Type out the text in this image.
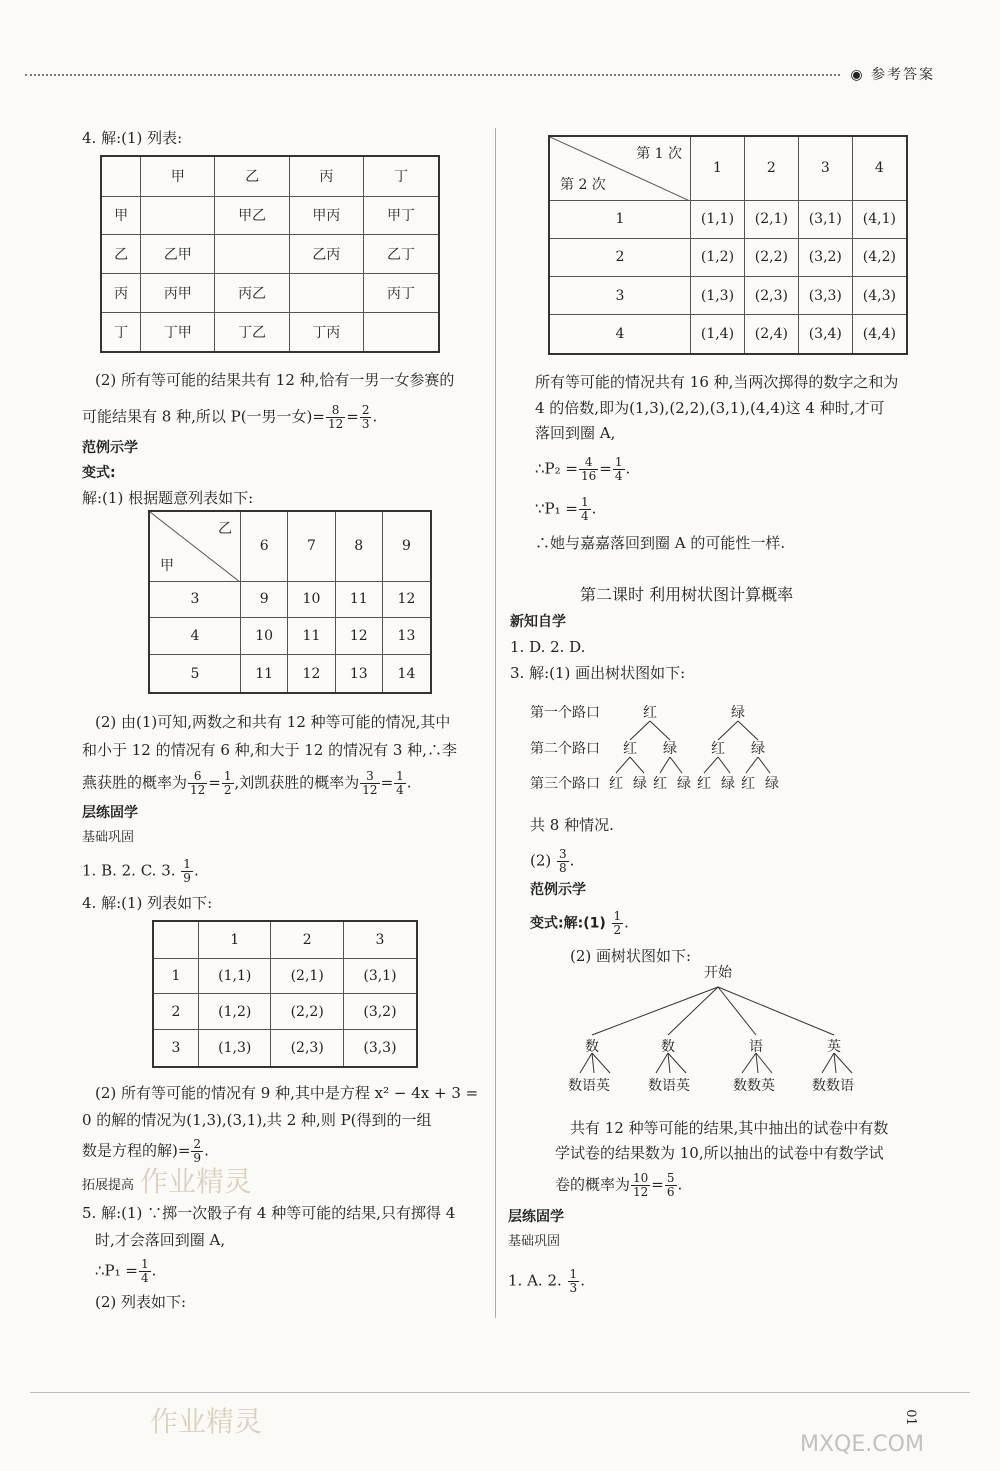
◉ 参考答案
4. 解:(1) 列表:
	甲	乙	丙	丁
甲		甲乙	甲丙	甲丁
乙	乙甲		乙丙	乙丁
丙	丙甲	丙乙		丙丁
丁	丁甲	丁乙	丁丙	
(2) 所有等可能的结果共有 12 种,恰有一男一女参赛的
可能结果有 8 种,所以 P(一男一女)= $\frac{8}{12} = \frac{2}{3}$ .
范例示学
变式:
解:(1) 根据题意列表如下:
乙
甲	6	7	8	9
3	9	10	11	12
4	10	11	12	13
5	11	12	13	14
(2) 由(1)可知,两数之和共有 12 种等可能的情况,其中
和小于 12 的情况有 6 种,和大于 12 的情况有 3 种,∴李
燕获胜的概率为 $\frac{6}{12} = \frac{1}{2}$ ,刘凯获胜的概率为 $\frac{3}{12} = \frac{1}{4}$ .
层练固学
基础巩固
1. B. 2. C. 3. $\frac{1}{9}$ .
4. 解:(1) 列表如下:
	1	2	3
1	(1,1)	(2,1)	(3,1)
2	(1,2)	(2,2)	(3,2)
3	(1,3)	(2,3)	(3,3)
(2) 所有等可能的情况有 9 种,其中是方程 x² − 4x + 3 =
0 的解的情况为(1,3),(3,1),共 2 种,则 P(得到的一组
数是方程的解)= $\frac{2}{9}$ .
作业精灵
拓展提高
5. 解:(1) ∵掷一次骰子有 4 种等可能的结果,只有掷得 4
时,才会落回到圈 A,
∴P₁ = $\frac{1}{4}$ .
(2) 列表如下:
作业精灵
第 1 次
第 2 次	1	2	3	4
1	(1,1)	(2,1)	(3,1)	(4,1)
2	(1,2)	(2,2)	(3,2)	(4,2)
3	(1,3)	(2,3)	(3,3)	(4,3)
4	(1,4)	(2,4)	(3,4)	(4,4)
所有等可能的情况共有 16 种,当两次掷得的数字之和为
4 的倍数,即为(1,3),(2,2),(3,1),(4,4)这 4 种时,才可
落回到圈 A,
∴P₂ = $\frac{4}{16} = \frac{1}{4}$ .
∵P₁ = $\frac{1}{4}$ .
∴她与嘉嘉落回到圈 A 的可能性一样.
第二课时 利用树状图计算概率
新知自学
1. D. 2. D.
3. 解:(1) 画出树状图如下:
第一个路口
第二个路口
第三个路口
红	绿
红 绿 红 绿
红 绿 红 绿 红 绿 红 绿
共 8 种情况.
$(2) \frac{3}{8}$ .
范例示学
变式:解:(1) $\frac{1}{2}$ .
(2) 画树状图如下:
开始
数	数	语	英
数语英	数语英	数数英	数数语
共有 12 种等可能的结果,其中抽出的试卷中有数
学试卷的结果数为 10,所以抽出的试卷中有数学试
卷的概率为 $\frac{10}{12} = \frac{5}{6}$ .
层练固学
基础巩固
1. A. 2. $\frac{1}{3}$ .
01
MXQE.COM
